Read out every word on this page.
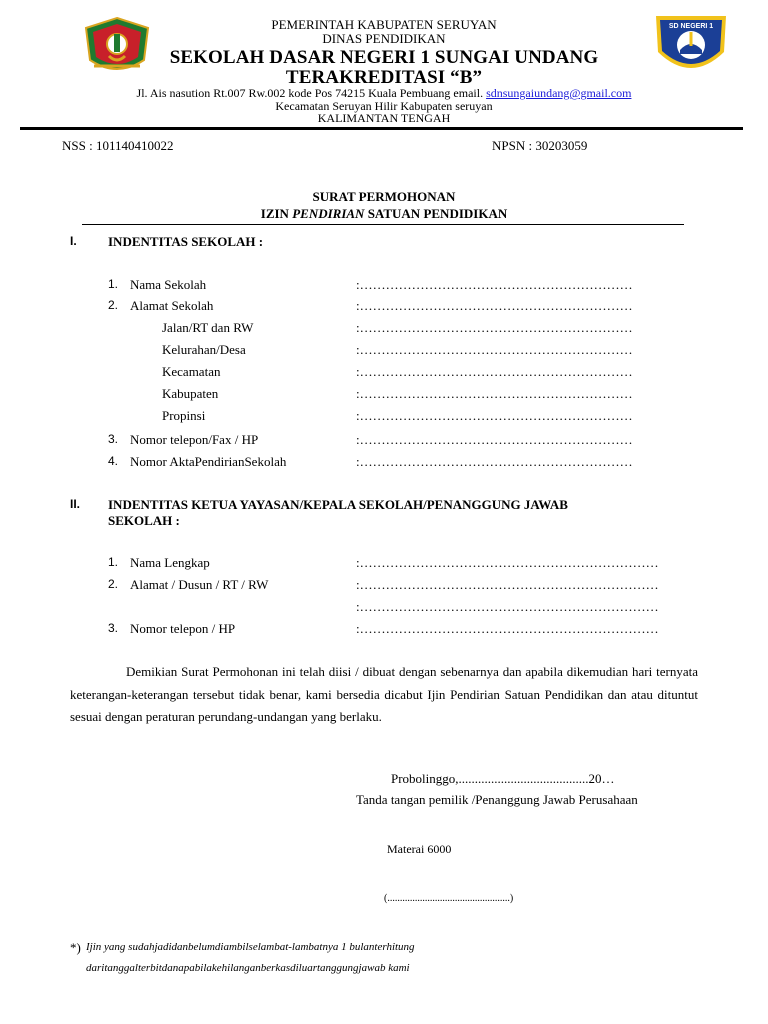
SD NEGERI 1
PEMERINTAH KABUPATEN SERUYAN
DINAS PENDIDIKAN
SEKOLAH DASAR NEGERI 1 SUNGAI UNDANG
TERAKREDITASI “B”
Jl. Ais nasution Rt.007 Rw.002 kode Pos 74215 Kuala Pembuang email. sdnsungaiundang@gmail.com
Kecamatan Seruyan Hilir Kabupaten seruyan
KALIMANTAN TENGAH
NSS : 101140410022	NPSN : 30203059
SURAT PERMOHONAN
IZIN PENDIRIAN SATUAN PENDIDIKAN
I. INDENTITAS SEKOLAH :
1. Nama Sekolah	:………………………………………………………
2. Alamat Sekolah	:………………………………………………………
Jalan/RT dan RW	:………………………………………………………
Kelurahan/Desa	:………………………………………………………
Kecamatan	:………………………………………………………
Kabupaten	:………………………………………………………
Propinsi	:………………………………………………………
3. Nomor telepon/Fax / HP	:………………………………………………………
4. Nomor AktaPendirianSekolah	:………………………………………………………
II. INDENTITAS KETUA YAYASAN/KEPALA SEKOLAH/PENANGGUNG JAWAB
SEKOLAH :
1. Nama Lengkap	:……………………………………………………………
2. Alamat / Dusun / RT / RW	:……………………………………………………………
:……………………………………………………………
3. Nomor telepon / HP	:……………………………………………………………
Demikian Surat Permohonan ini telah diisi / dibuat dengan sebenarnya dan apabila dikemudian hari ternyata keterangan-keterangan tersebut tidak benar, kami bersedia dicabut Ijin Pendirian Satuan Pendidikan dan atau dituntut sesuai dengan peraturan perundang-undangan yang berlaku.
Probolinggo,........................................20…
Tanda tangan pemilik /Penanggung Jawab Perusahaan
Materai 6000
(.................................................)
*) Ijin yang sudahjadidanbelumdiambilselambat-lambatnya 1 bulanterhitung
daritanggalterbitdanapabilakehilanganberkasdiluartanggungjawab kami
